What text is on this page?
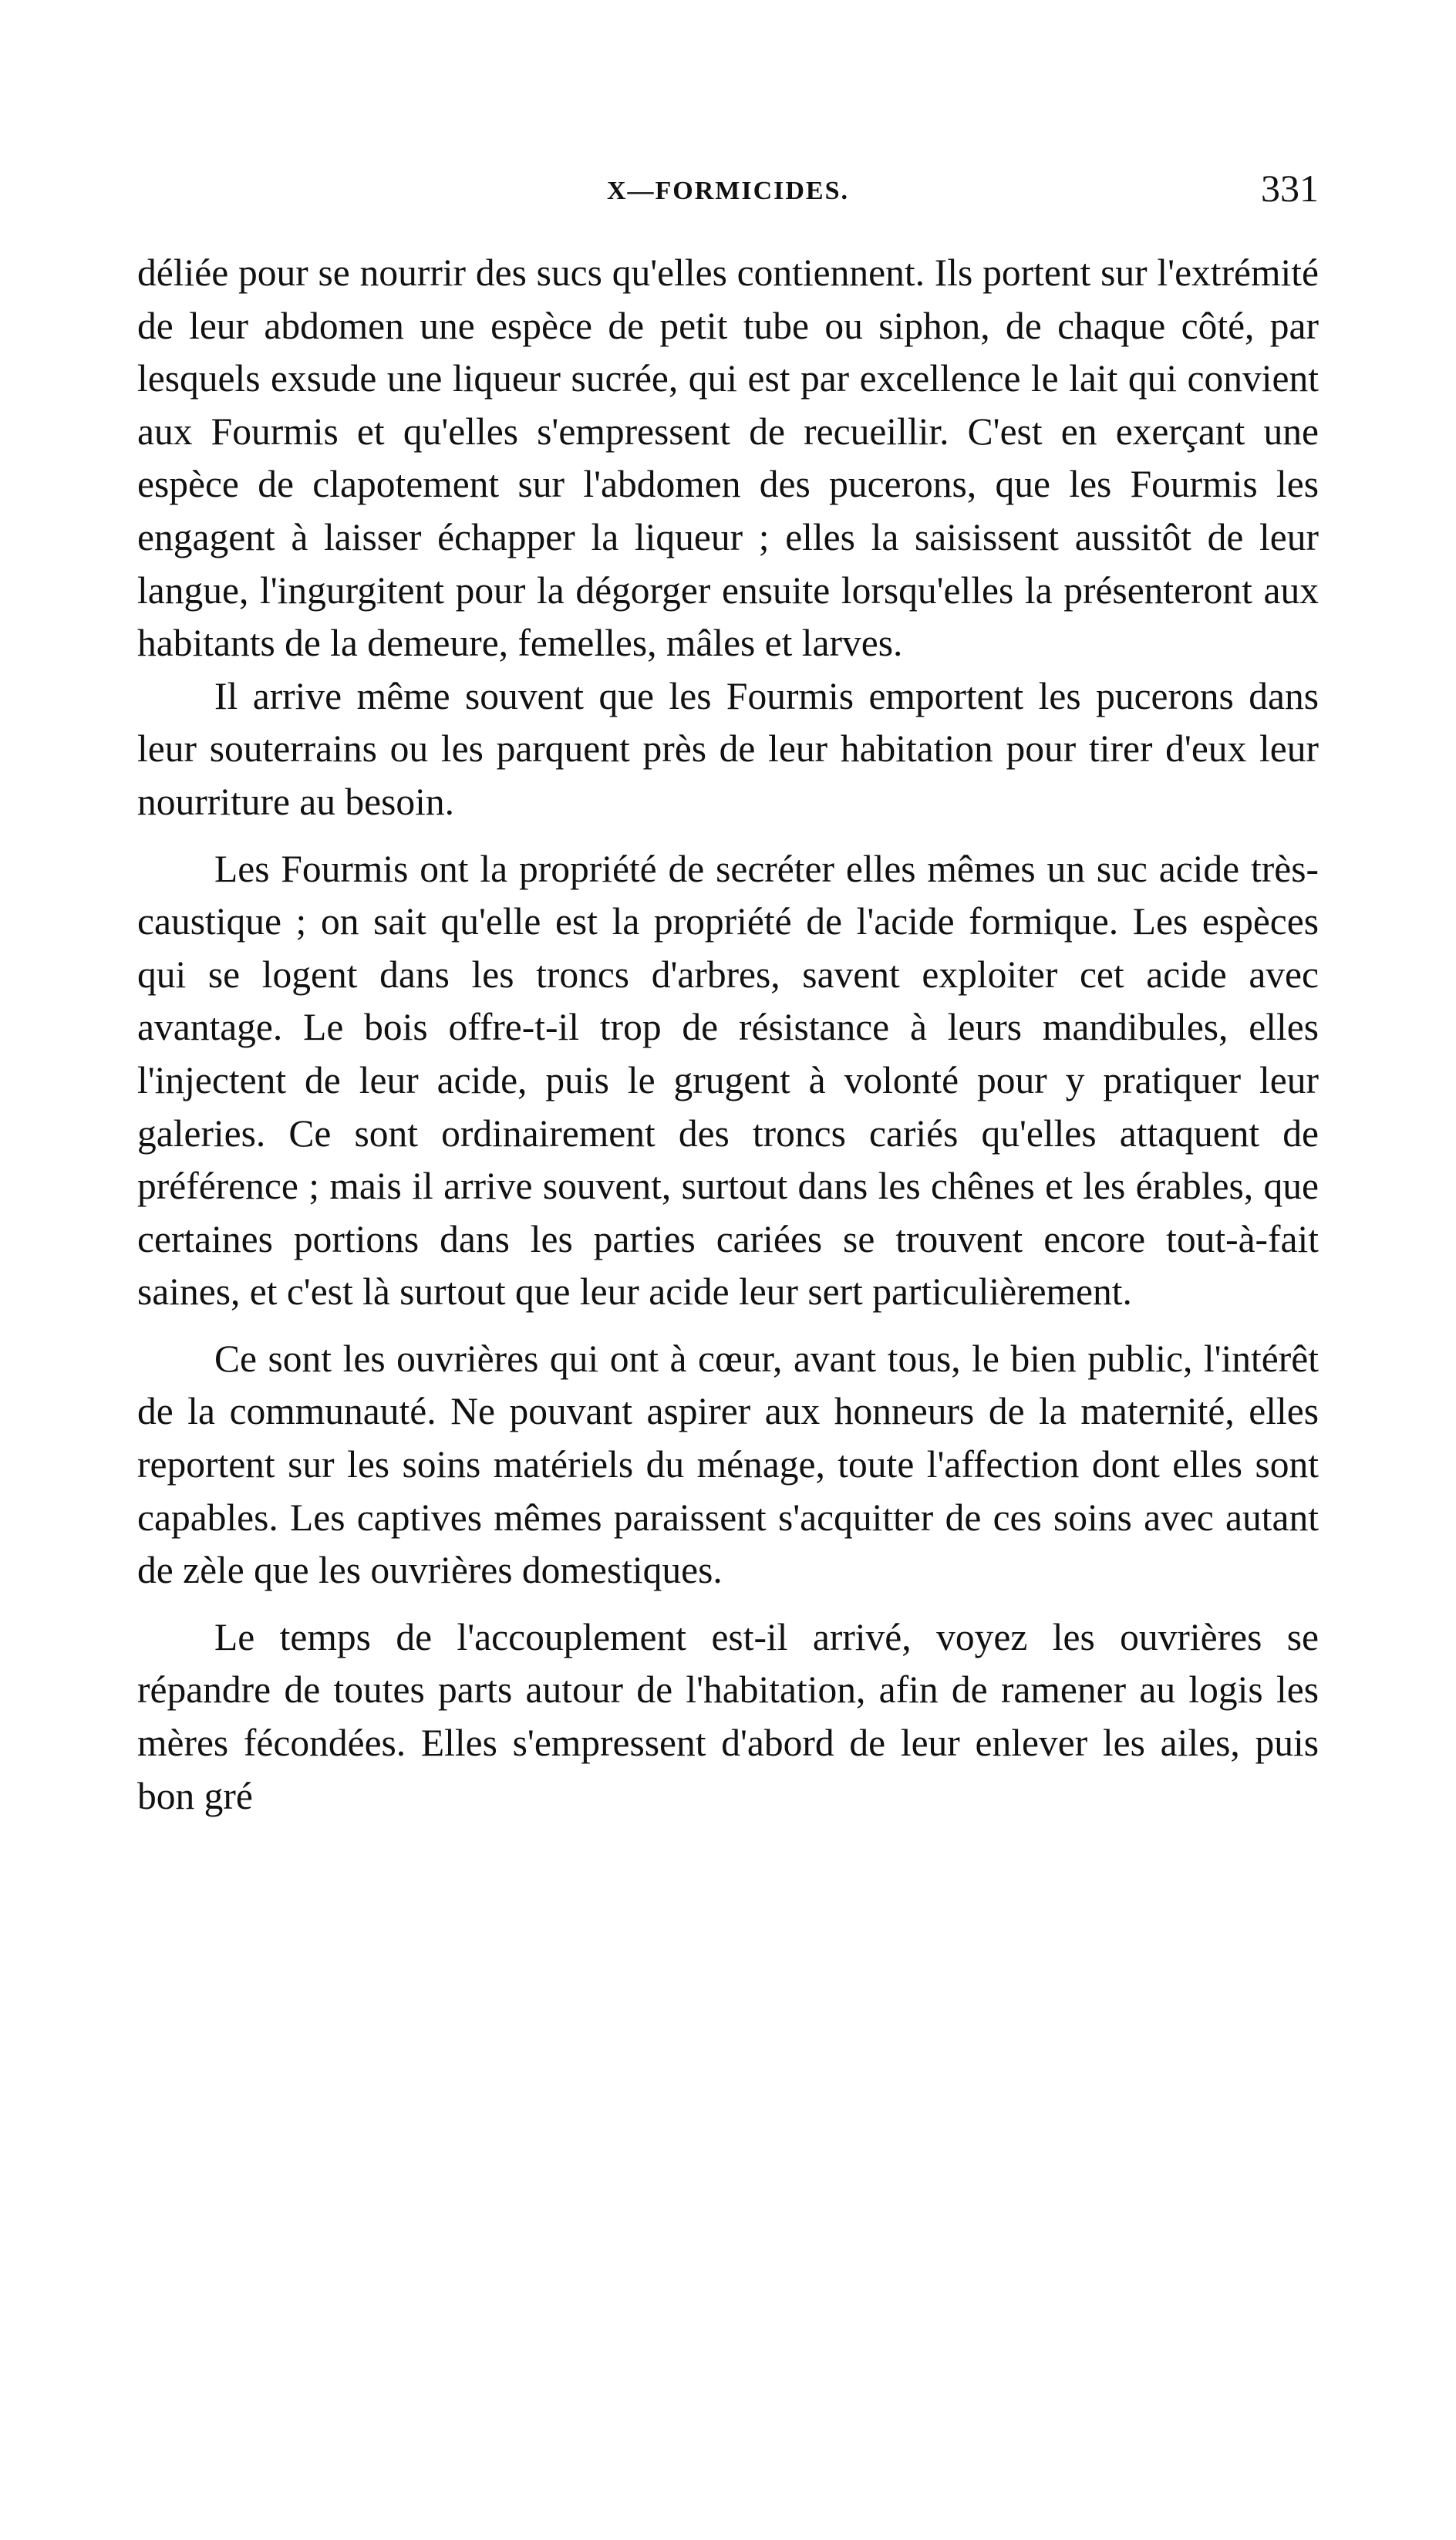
X—FORMICIDES.	331

déliée pour se nourrir des sucs qu'elles contiennent. Ils portent sur l'extrémité de leur abdomen une espèce de petit tube ou siphon, de chaque côté, par lesquels exsude une liqueur sucrée, qui est par excellence le lait qui convient aux Fourmis et qu'elles s'empressent de recueillir. C'est en exerçant une espèce de clapotement sur l'abdomen des pucerons, que les Fourmis les engagent à laisser échapper la liqueur ; elles la saisissent aussitôt de leur langue, l'ingurgitent pour la dégorger ensuite lorsqu'elles la présenteront aux habitants de la demeure, femelles, mâles et larves.

Il arrive même souvent que les Fourmis emportent les pucerons dans leur souterrains ou les parquent près de leur habitation pour tirer d'eux leur nourriture au besoin.

Les Fourmis ont la propriété de secréter elles mêmes un suc acide très-caustique ; on sait qu'elle est la propriété de l'acide formique. Les espèces qui se logent dans les troncs d'arbres, savent exploiter cet acide avec avantage. Le bois offre-t-il trop de résistance à leurs mandibules, elles l'injectent de leur acide, puis le grugent à volonté pour y pratiquer leur galeries. Ce sont ordinairement des troncs cariés qu'elles attaquent de préférence ; mais il arrive souvent, surtout dans les chênes et les érables, que certaines portions dans les parties cariées se trouvent encore tout-à-fait saines, et c'est là surtout que leur acide leur sert particulièrement.

Ce sont les ouvrières qui ont à cœur, avant tous, le bien public, l'intérêt de la communauté. Ne pouvant aspirer aux honneurs de la maternité, elles reportent sur les soins matériels du ménage, toute l'affection dont elles sont capables. Les captives mêmes paraissent s'acquitter de ces soins avec autant de zèle que les ouvrières domestiques.

Le temps de l'accouplement est-il arrivé, voyez les ouvrières se répandre de toutes parts autour de l'habitation, afin de ramener au logis les mères fécondées. Elles s'empressent d'abord de leur enlever les ailes, puis bon gré
